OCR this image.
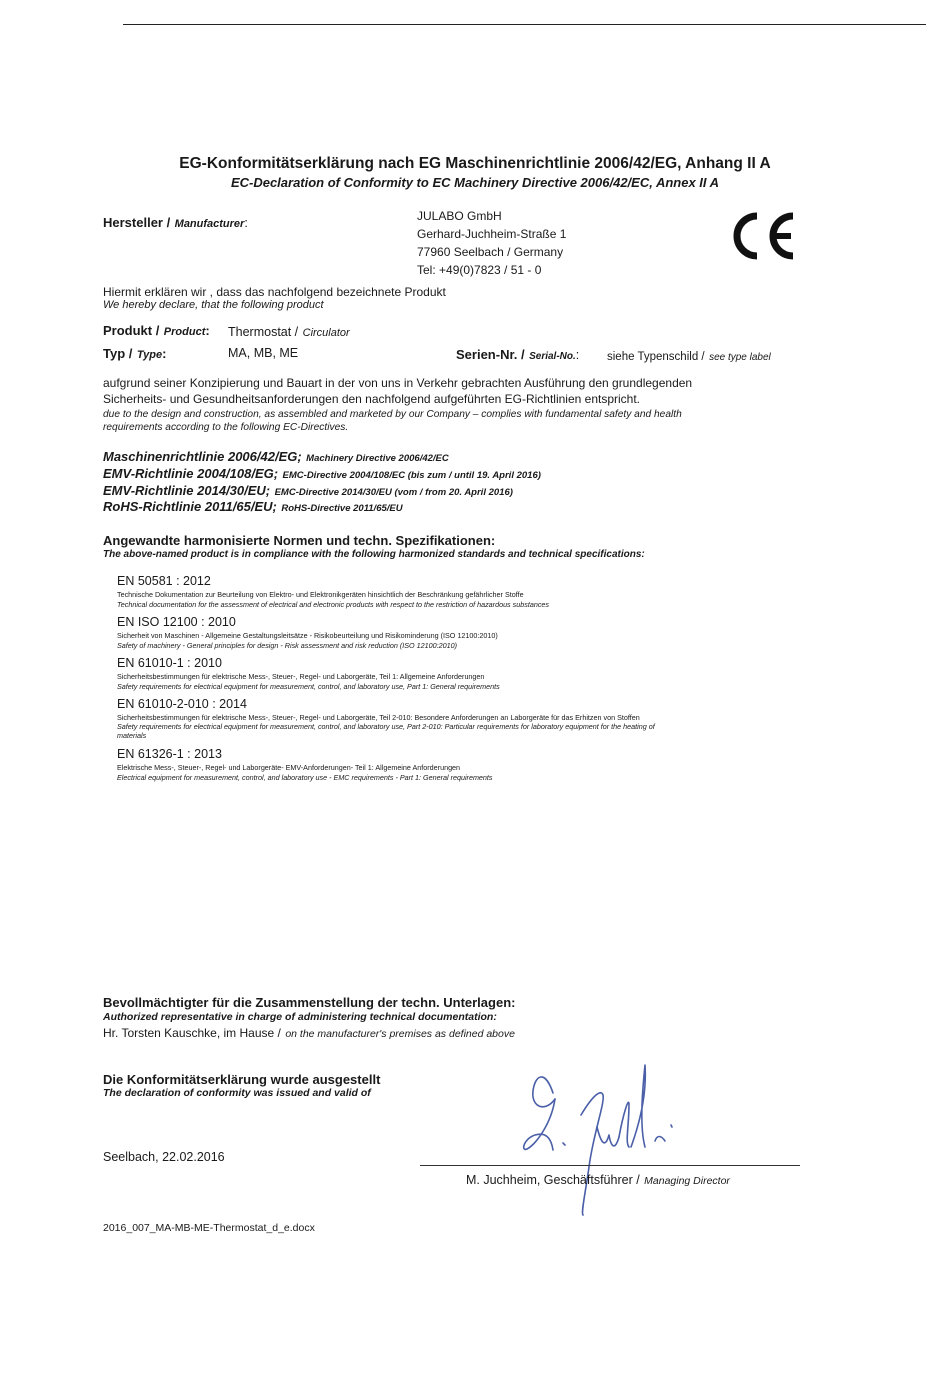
EG-Konformitätserklärung nach EG Maschinenrichtlinie 2006/42/EG, Anhang II A
EC-Declaration of Conformity to EC Machinery Directive 2006/42/EC, Annex II A
Hersteller / Manufacturer:	JULABO GmbH
Gerhard-Juchheim-Straße 1
77960 Seelbach / Germany
Tel: +49(0)7823 / 51 - 0
Hiermit erklären wir , dass das nachfolgend bezeichnete Produkt
We hereby declare, that the following product
Produkt / Product: Thermostat / Circulator
Typ / Type:	MA, MB, ME	Serien-Nr. / Serial-No.: siehe Typenschild / see type label
aufgrund seiner Konzipierung und Bauart in der von uns in Verkehr gebrachten Ausführung den grundlegenden
Sicherheits- und Gesundheitsanforderungen den nachfolgend aufgeführten EG-Richtlinien entspricht.
due to the design and construction, as assembled and marketed by our Company – complies with fundamental safety and health
requirements according to the following EC-Directives.
Maschinenrichtlinie 2006/42/EG; Machinery Directive 2006/42/EC
EMV-Richtlinie 2004/108/EG; EMC-Directive 2004/108/EC (bis zum / until 19. April 2016)
EMV-Richtlinie 2014/30/EU; EMC-Directive 2014/30/EU (vom / from 20. April 2016)
RoHS-Richtlinie 2011/65/EU; RoHS-Directive 2011/65/EU
Angewandte harmonisierte Normen und techn. Spezifikationen:
The above-named product is in compliance with the following harmonized standards and technical specifications:
EN 50581 : 2012
Technische Dokumentation zur Beurteilung von Elektro- und Elektronikgeräten hinsichtlich der Beschränkung gefährlicher Stoffe
Technical documentation for the assessment of electrical and electronic products with respect to the restriction of hazardous substances
EN ISO 12100 : 2010
Sicherheit von Maschinen - Allgemeine Gestaltungsleitsätze - Risikobeurteilung und Risikominderung (ISO 12100:2010)
Safety of machinery - General principles for design - Risk assessment and risk reduction (ISO 12100:2010)
EN 61010-1 : 2010
Sicherheitsbestimmungen für elektrische Mess-, Steuer-, Regel- und Laborgeräte, Teil 1: Allgemeine Anforderungen
Safety requirements for electrical equipment for measurement, control, and laboratory use, Part 1: General requirements
EN 61010-2-010 : 2014
Sicherheitsbestimmungen für elektrische Mess-, Steuer-, Regel- und Laborgeräte, Teil 2-010: Besondere Anforderungen an Laborgeräte für das Erhitzen von Stoffen
Safety requirements for electrical equipment for measurement, control, and laboratory use, Part 2-010: Particular requirements for laboratory equipment for the heating of
materials
EN 61326-1 : 2013
Elektrische Mess-, Steuer-, Regel- und Laborgeräte- EMV-Anforderungen- Teil 1: Allgemeine Anforderungen
Electrical equipment for measurement, control, and laboratory use - EMC requirements - Part 1: General requirements
Bevollmächtigter für die Zusammenstellung der techn. Unterlagen:
Authorized representative in charge of administering technical documentation:
Hr. Torsten Kauschke, im Hause / on the manufacturer's premises as defined above
Die Konformitätserklärung wurde ausgestellt
The declaration of conformity was issued and valid of
Seelbach, 22.02.2016
M. Juchheim, Geschäftsführer / Managing Director
2016_007_MA-MB-ME-Thermostat_d_e.docx
